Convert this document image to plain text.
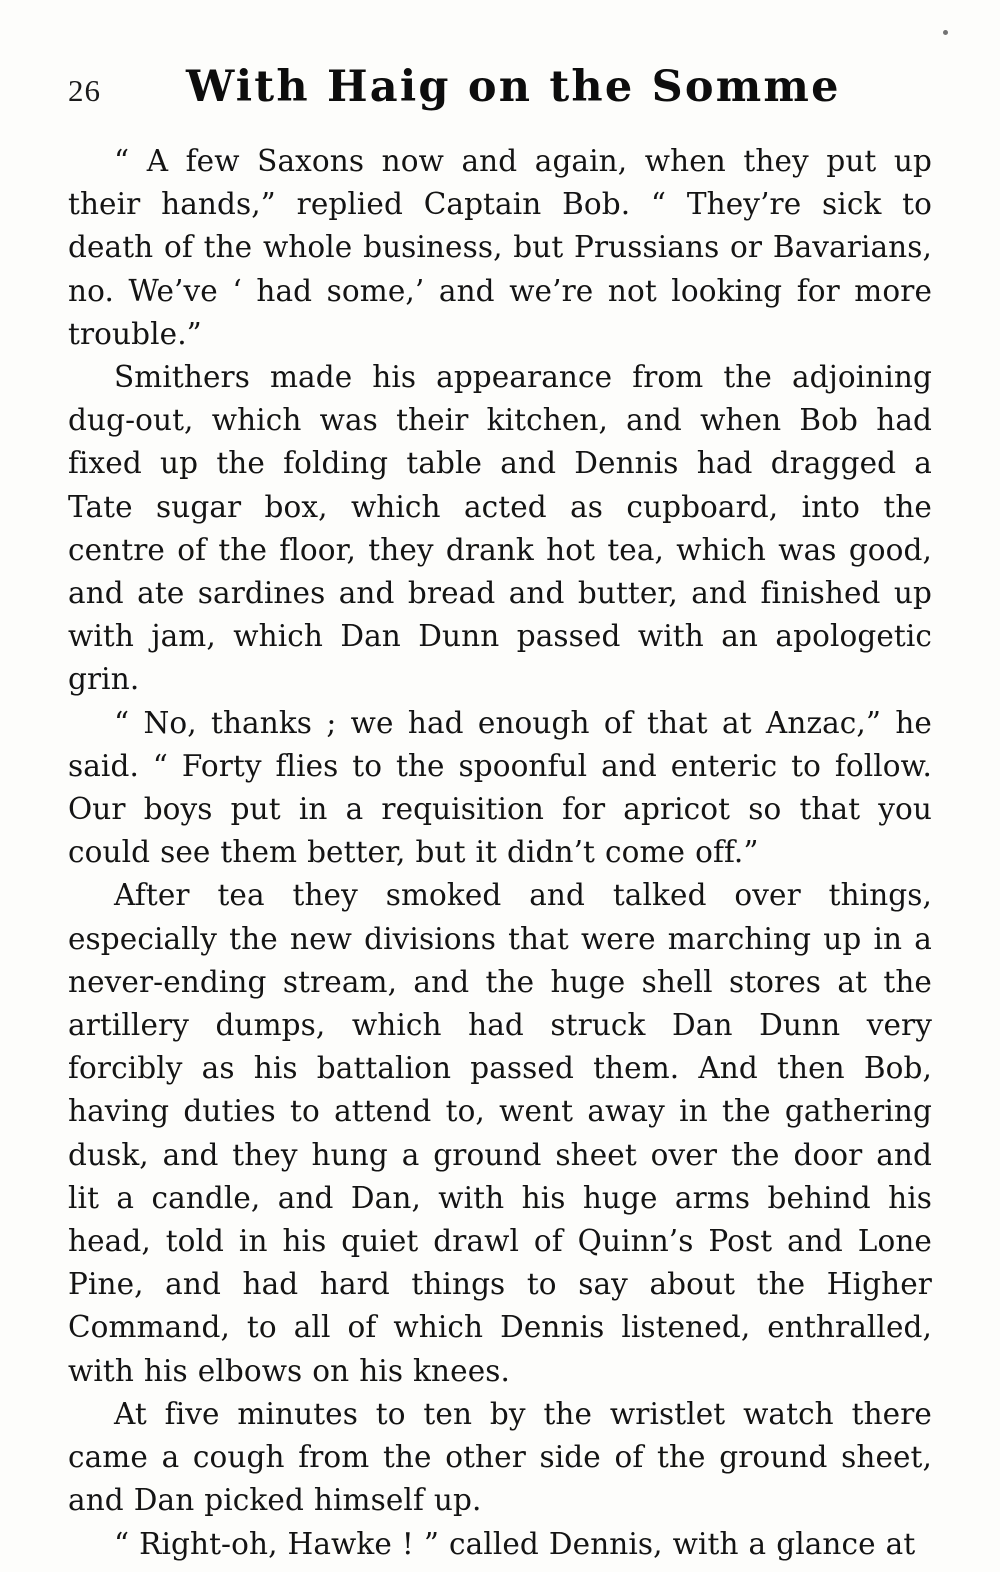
26	With Haig on the Somme

“ A few Saxons now and again, when they put up their hands,” replied Captain Bob. “ They’re sick to death of the whole business, but Prussians or Bavarians, no. We’ve ‘ had some,’ and we’re not looking for more trouble.”

Smithers made his appearance from the adjoining dug-out, which was their kitchen, and when Bob had fixed up the folding table and Dennis had dragged a Tate sugar box, which acted as cupboard, into the centre of the floor, they drank hot tea, which was good, and ate sardines and bread and butter, and finished up with jam, which Dan Dunn passed with an apologetic grin.

“ No, thanks ; we had enough of that at Anzac,” he said. “ Forty flies to the spoonful and enteric to follow. Our boys put in a requisition for apricot so that you could see them better, but it didn’t come off.”

After tea they smoked and talked over things, especially the new divisions that were marching up in a never-ending stream, and the huge shell stores at the artillery dumps, which had struck Dan Dunn very forcibly as his battalion passed them. And then Bob, having duties to attend to, went away in the gathering dusk, and they hung a ground sheet over the door and lit a candle, and Dan, with his huge arms behind his head, told in his quiet drawl of Quinn’s Post and Lone Pine, and had hard things to say about the Higher Command, to all of which Dennis listened, enthralled, with his elbows on his knees.

At five minutes to ten by the wristlet watch there came a cough from the other side of the ground sheet, and Dan picked himself up.

“ Right-oh, Hawke ! ” called Dennis, with a glance at
